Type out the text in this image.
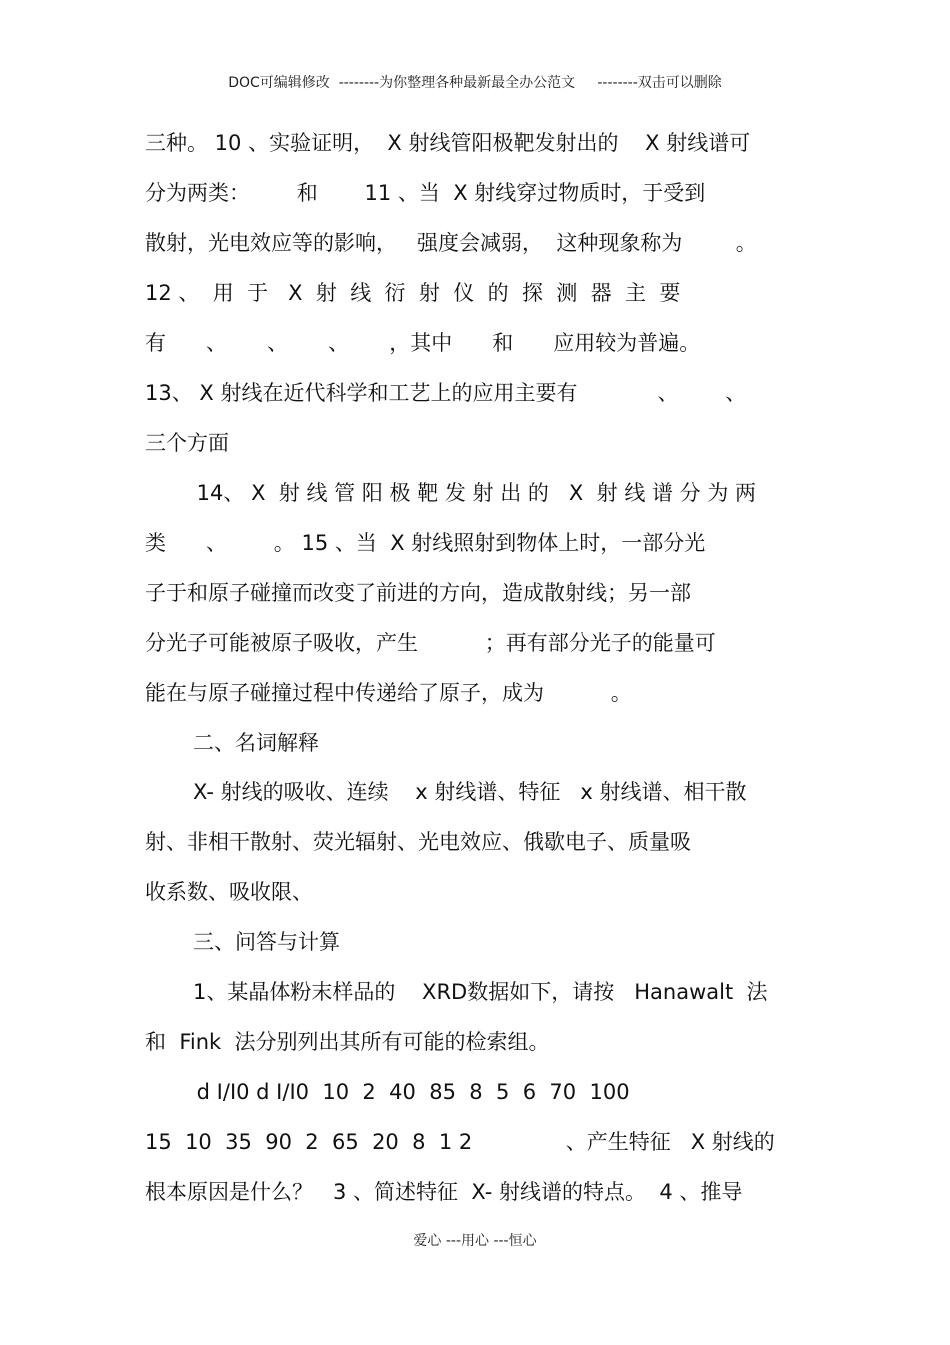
DOC可编辑修改  --------为你整理各种最新最全办公范文     --------双击可以删除
三种。 10 、实验证明，  X 射线管阳极靶发射出的    X 射线谱可
分为两类：       和       11 、当  X 射线穿过物质时，于受到
散射，光电效应等的影响，   强度会减弱，  这种现象称为        。
12 、  用  于   X  射  线  衍  射  仪  的  探  测  器  主  要
有      、      、      、      ，其中      和      应用较为普遍。
13、 X 射线在近代科学和工艺上的应用主要有            、       、
三个方面
14、 X  射 线 管 阳 极 靶 发 射 出 的   X  射 线 谱 分 为 两
类      、       。 15 、当  X 射线照射到物体上时，一部分光
子于和原子碰撞而改变了前进的方向，造成散射线；另一部
分光子可能被原子吸收，产生          ；再有部分光子的能量可
能在与原子碰撞过程中传递给了原子，成为          。
二、名词解释
X- 射线的吸收、连续    x 射线谱、特征   x 射线谱、相干散
射、非相干散射、荧光辐射、光电效应、俄歇电子、质量吸
收系数、吸收限、
三、问答与计算
1、某晶体粉末样品的    XRD数据如下，请按   Hanawalt  法
和  Fink  法分别列出其所有可能的检索组。
d I/I0 d I/I0  10  2  40  85  8  5  6  70  100
15  10  35  90  2  65  20  8  1 2              、产生特征   X 射线的
根本原因是什么？   3 、简述特征  X- 射线谱的特点。  4 、推导
爱心 ---用心 ---恒心
